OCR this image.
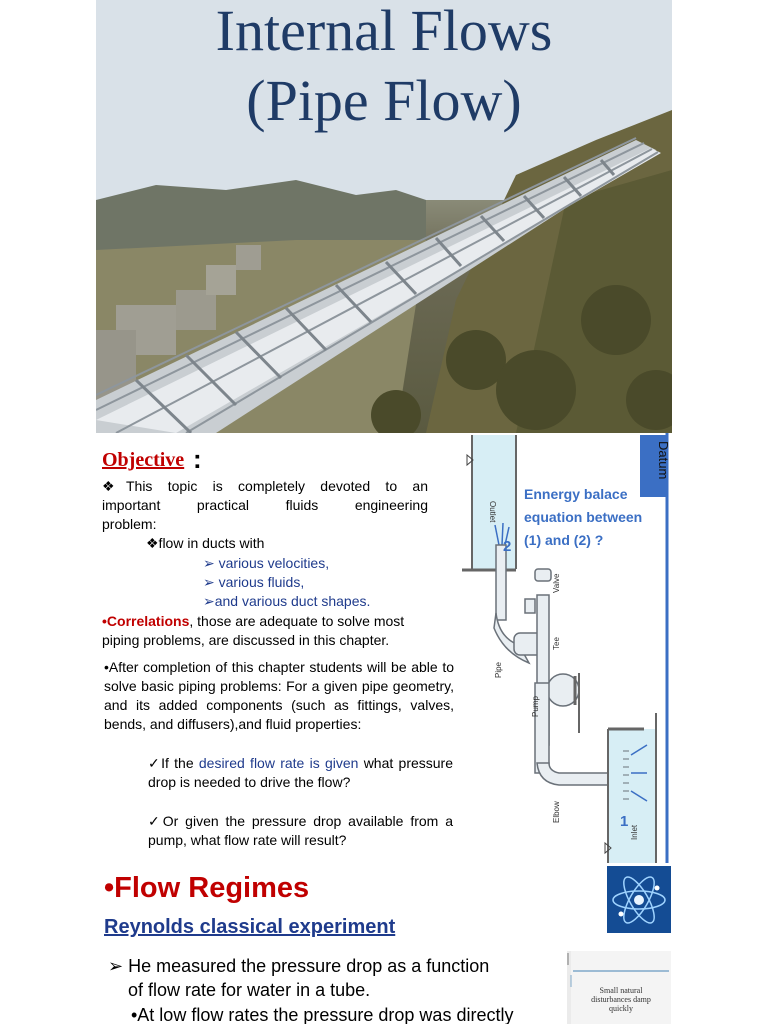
Internal Flows
(Pipe Flow)
Objective :
❖This topic is completely devoted to an
important practical fluids engineering
problem:
❖flow in ducts with
➢ various velocities,
➢ various fluids,
➢and various duct shapes.
•Correlations, those are adequate to solve most
piping problems, are discussed in this chapter.
•After completion of this chapter students will be able to solve basic piping problems: For a given pipe geometry, and its added components (such as fittings, valves, bends, and diffusers),and fluid properties:
✓If the desired flow rate is given what pressure drop is needed to drive the flow?
✓Or given the pressure drop available from a pump, what flow rate will result?
Datum
Ennergy balace
equation between
(1) and (2) ?
Outlet
2
Valve
Tee
Pipe
Pump
Elbow	1
Inlet
•Flow Regimes
Reynolds classical experiment
➢ He measured the pressure drop as a function
of flow rate for water in a tube.
•At low flow rates the pressure drop was directly
Small natural disturbances damp quickly
